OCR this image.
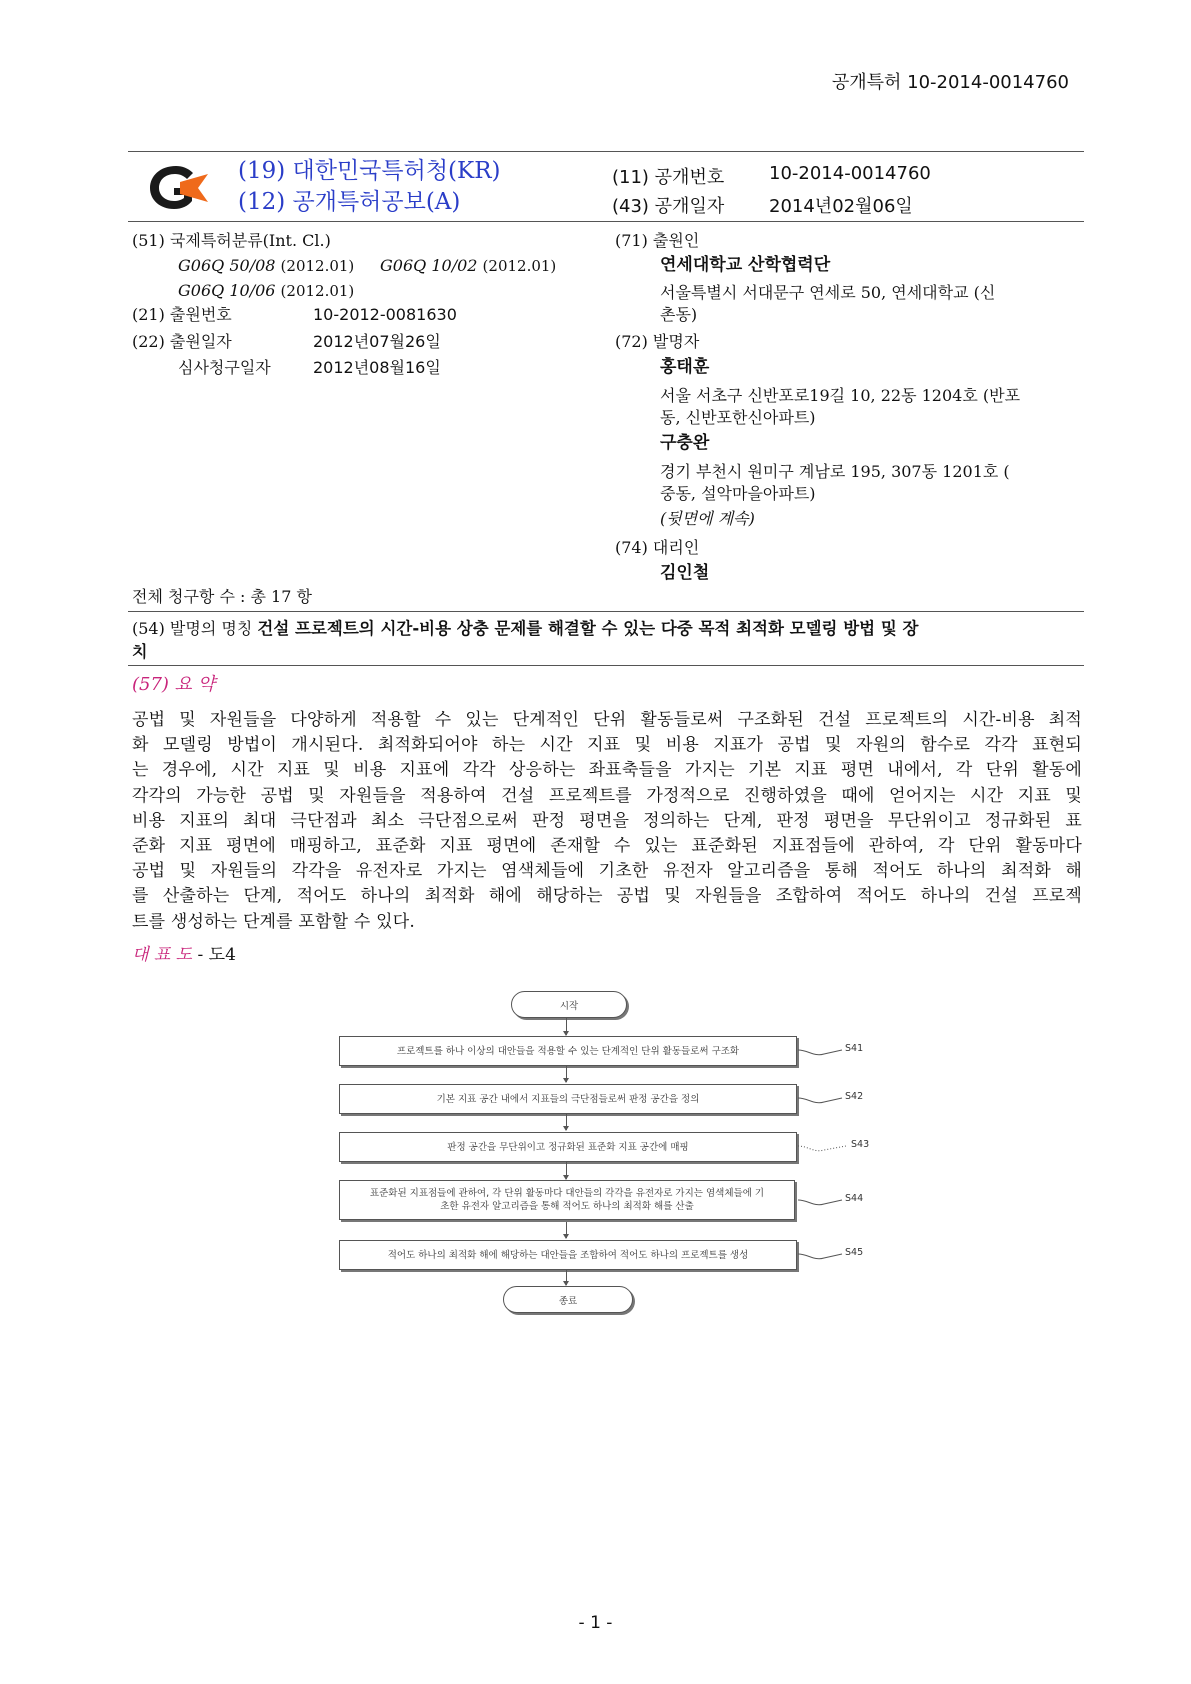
공개특허 10-2014-0014760
(19) 대한민국특허청(KR)
(12) 공개특허공보(A)
(11) 공개번호 10-2014-0014760
(43) 공개일자 2014년02월06일
(51) 국제특허분류(Int. Cl.)
G06Q 50/08 (2012.01) G06Q 10/02 (2012.01)
G06Q 10/06 (2012.01)
(21) 출원번호	10-2012-0081630
(22) 출원일자	2012년07월26일
심사청구일자	2012년08월16일
(71) 출원인
연세대학교 산학협력단
서울특별시 서대문구 연세로 50, 연세대학교 (신
촌동)
(72) 발명자
홍태훈
서울 서초구 신반포로19길 10, 22동 1204호 (반포
동, 신반포한신아파트)
구충완
경기 부천시 원미구 계남로 195, 307동 1201호 (
중동, 설악마을아파트)
(뒷면에 계속)
(74) 대리인
김인철
전체 청구항 수 : 총 17 항
(54) 발명의 명칭 건설 프로젝트의 시간-비용 상충 문제를 해결할 수 있는 다중 목적 최적화 모델링 방법 및 장
치
(57) 요 약

공법 및 자원들을 다양하게 적용할 수 있는 단계적인 단위 활동들로써 구조화된 건설 프로젝트의 시간-비용 최적

화 모델링 방법이 개시된다. 최적화되어야 하는 시간 지표 및 비용 지표가 공법 및 자원의 함수로 각각 표현되

는 경우에, 시간 지표 및 비용 지표에 각각 상응하는 좌표축들을 가지는 기본 지표 평면 내에서, 각 단위 활동에

각각의 가능한 공법 및 자원들을 적용하여 건설 프로젝트를 가정적으로 진행하였을 때에 얻어지는 시간 지표 및

비용 지표의 최대 극단점과 최소 극단점으로써 판정 평면을 정의하는 단계, 판정 평면을 무단위이고 정규화된 표

준화 지표 평면에 매핑하고, 표준화 지표 평면에 존재할 수 있는 표준화된 지표점들에 관하여, 각 단위 활동마다

공법 및 자원들의 각각을 유전자로 가지는 염색체들에 기초한 유전자 알고리즘을 통해 적어도 하나의 최적화 해

를 산출하는 단계, 적어도 하나의 최적화 해에 해당하는 공법 및 자원들을 조합하여 적어도 하나의 건설 프로젝

트를 생성하는 단계를 포함할 수 있다.

대 표 도 - 도4
시작
프로젝트를 하나 이상의 대안들을 적용할 수 있는 단계적인 단위 활동들로써 구조화
기본 지표 공간 내에서 지표들의 극단점들로써 판정 공간을 정의
판정 공간을 무단위이고 정규화된 표준화 지표 공간에 매핑
표준화된 지표점들에 관하여, 각 단위 활동마다 대안들의 각각을 유전자로 가지는 염색체들에 기초한 유전자 알고리즘을 통해 적어도 하나의 최적화 해를 산출
적어도 하나의 최적화 해에 해당하는 대안들을 조합하여 적어도 하나의 프로젝트를 생성
종료
S41
S42
S43
S44
S45
- 1 -
